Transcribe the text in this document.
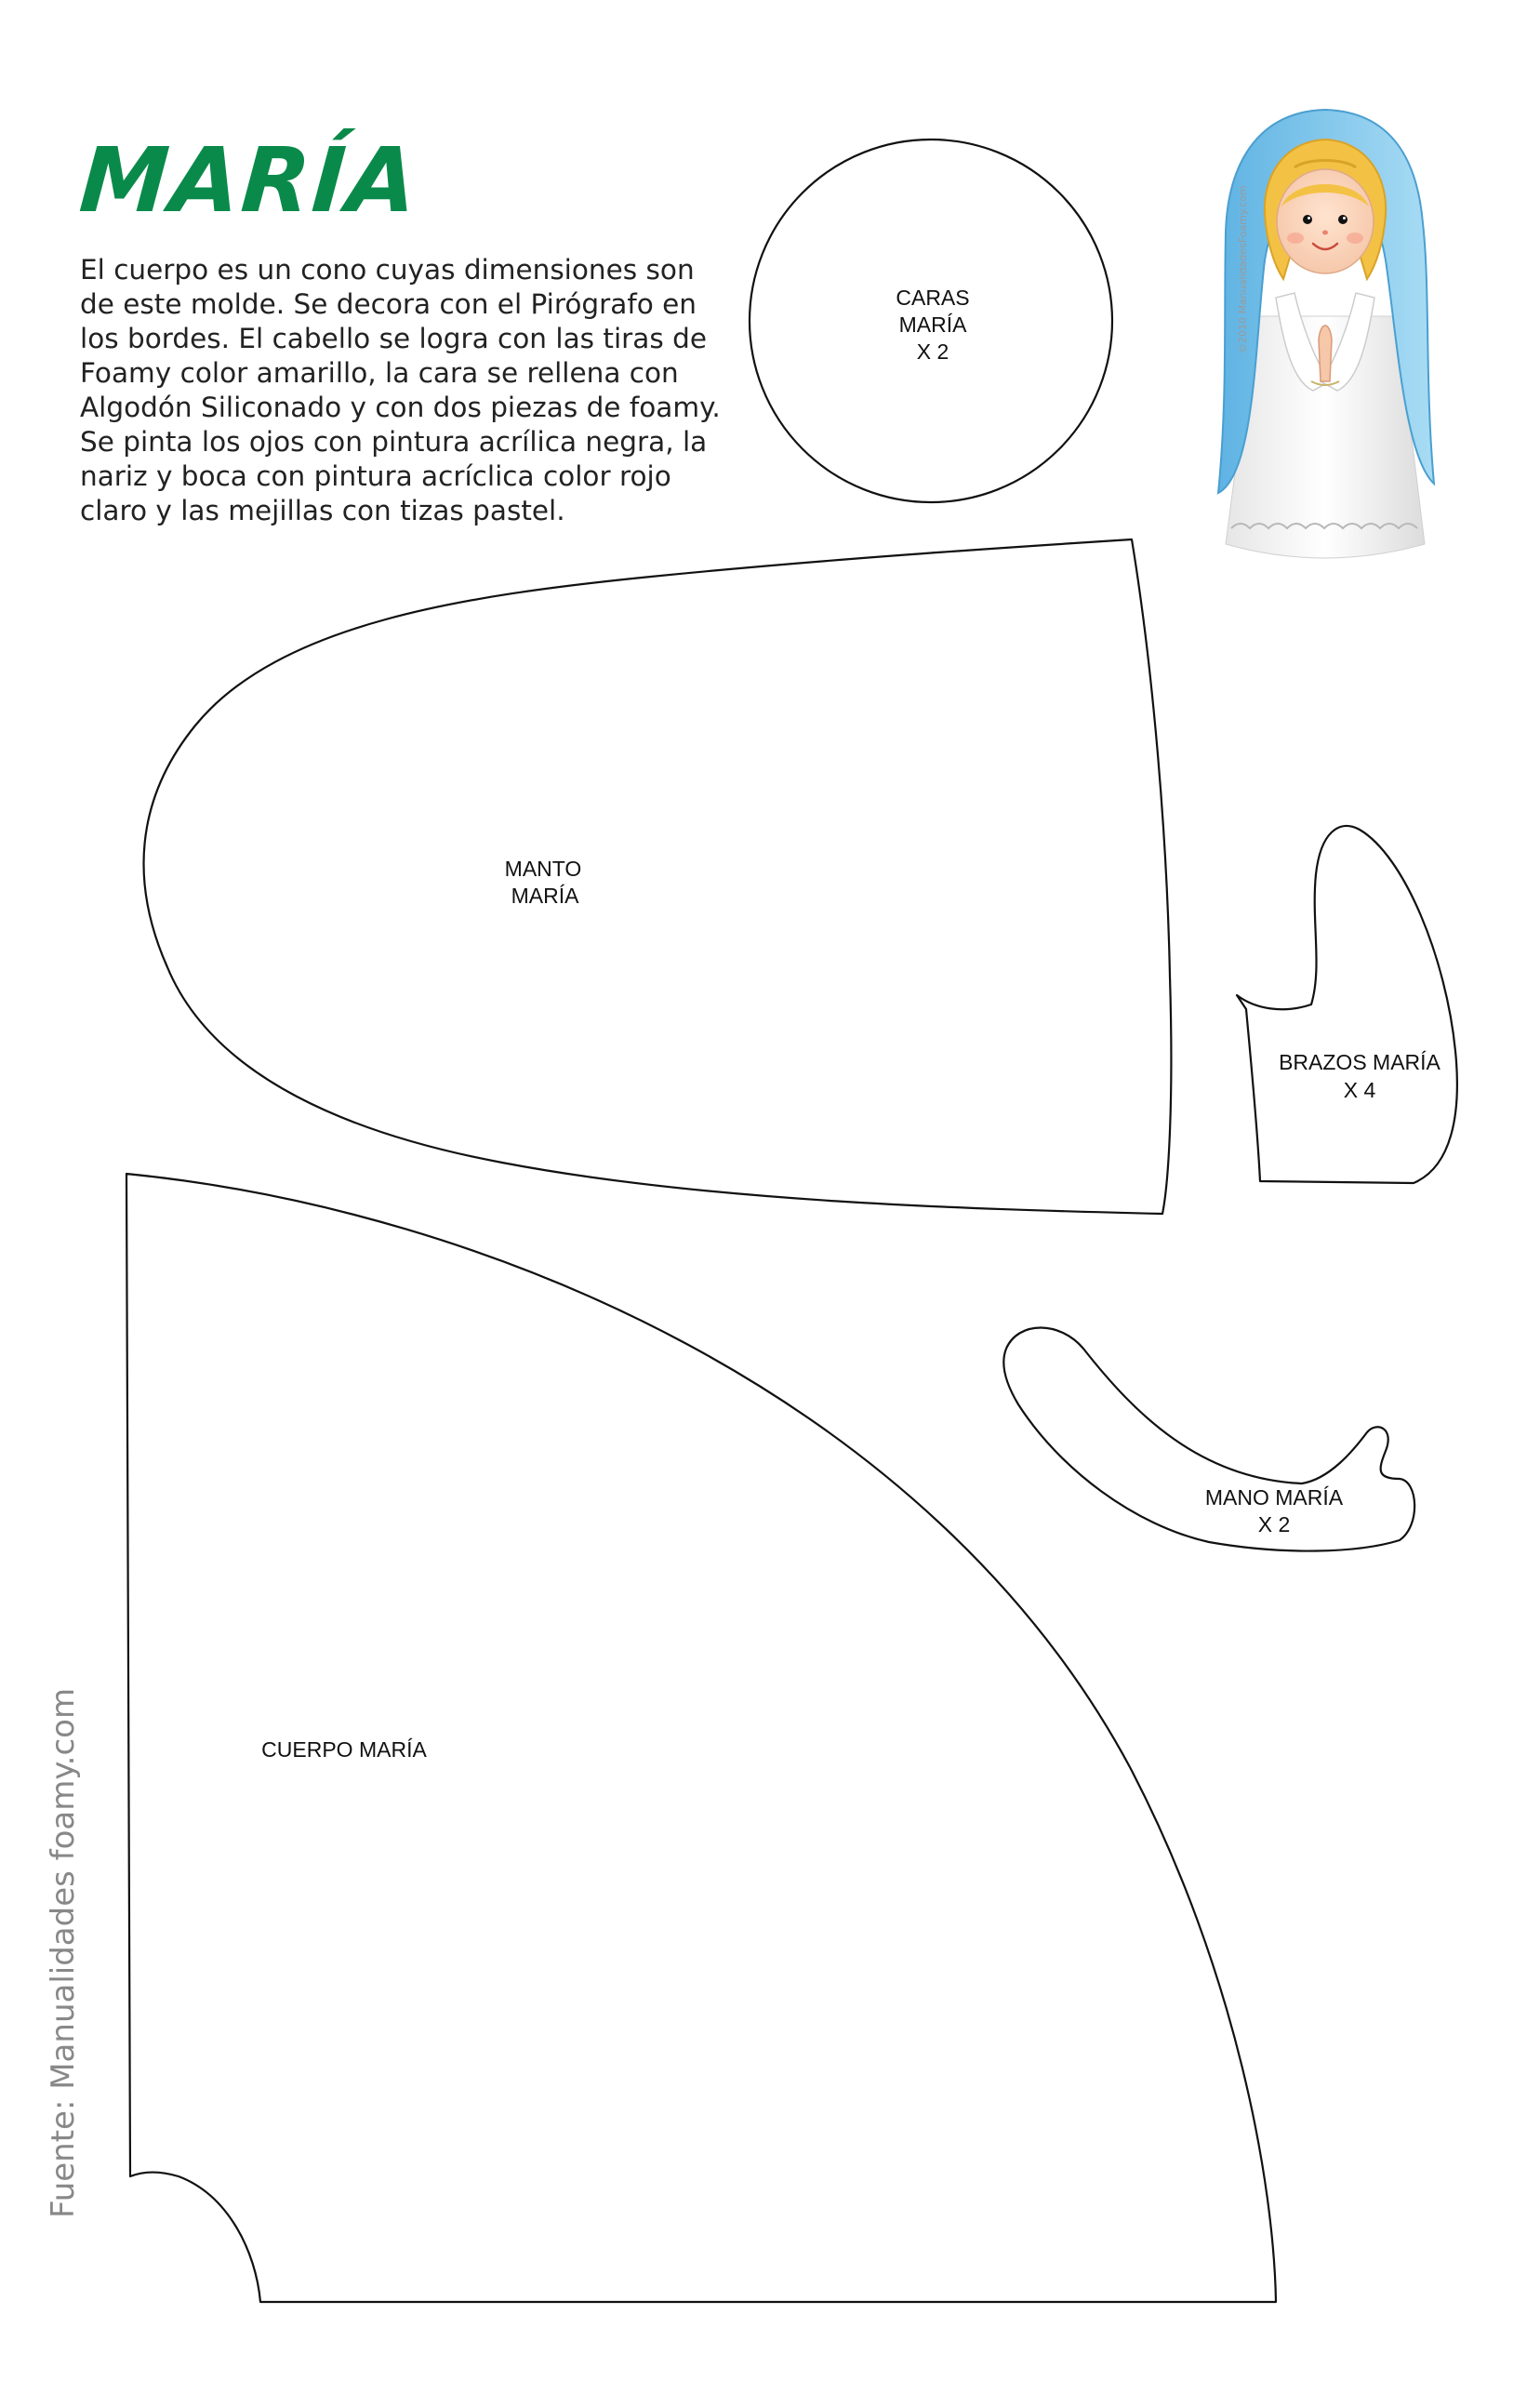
MARÍA

El cuerpo es un cono cuyas dimensiones son de este molde. Se decora con el Pirógrafo en los bordes. El cabello se logra con las tiras de Foamy color amarillo, la cara se rellena con Algodón Siliconado y con dos piezas de foamy. Se pinta los ojos con pintura acrílica negra, la nariz y boca con pintura acríclica color rojo claro y las mejillas con tizas pastel.

Fuente: Manualidades foamy.com
©2010 ManualidadesFoamy.com
CARAS
MARÍA
X 2
MANTO
MARÍA
BRAZOS MARÍA
X 4
MANO MARÍA
X 2
CUERPO MARÍA
